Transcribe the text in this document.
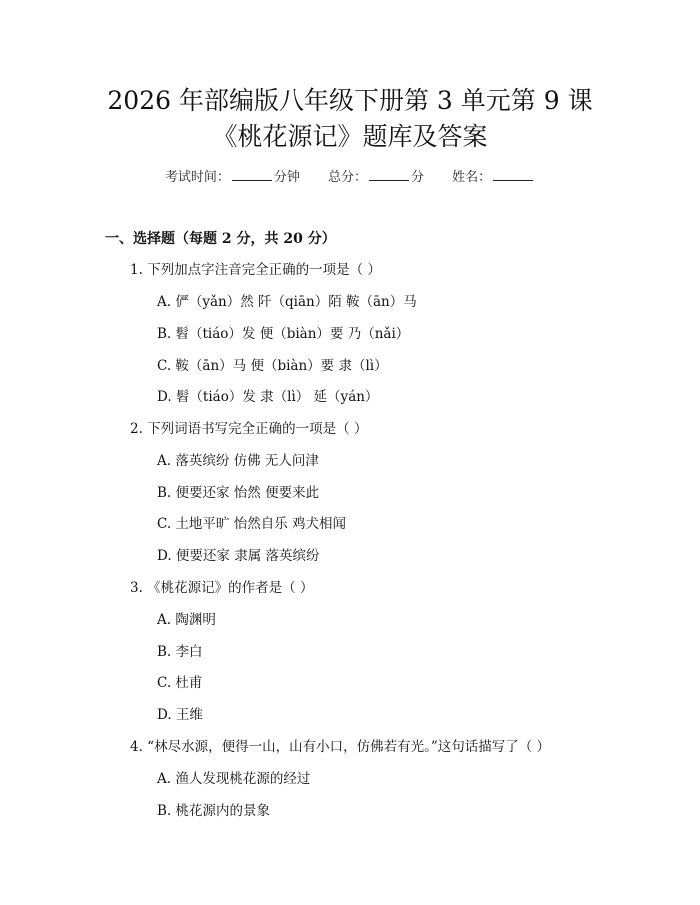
2026 年部编版八年级下册第 3 单元第 9 课
《桃花源记》题库及答案
考试时间：	分钟 总分：	分 姓名：
一、选择题（每题 2 分，共 20 分）
1. 下列加点字注音完全正确的一项是（ ）
A. 俨（yǎn）然 阡（qiān）陌 鞍（ān）马
B. 髫（tiáo）发 便（biàn）要 乃（nǎi）
C. 鞍（ān）马 便（biàn）要 隶（lì）
D. 髫（tiáo）发 隶（lì） 延（yán）
2. 下列词语书写完全正确的一项是（ ）
A. 落英缤纷 仿佛 无人问津
B. 便要还家 怡然 便要来此
C. 土地平旷 怡然自乐 鸡犬相闻
D. 便要还家 隶属 落英缤纷
3. 《桃花源记》的作者是（ ）
A. 陶渊明
B. 李白
C. 杜甫
D. 王维
4. “林尽水源，便得一山，山有小口，仿佛若有光。”这句话描写了（ ）
A. 渔人发现桃花源的经过
B. 桃花源内的景象
